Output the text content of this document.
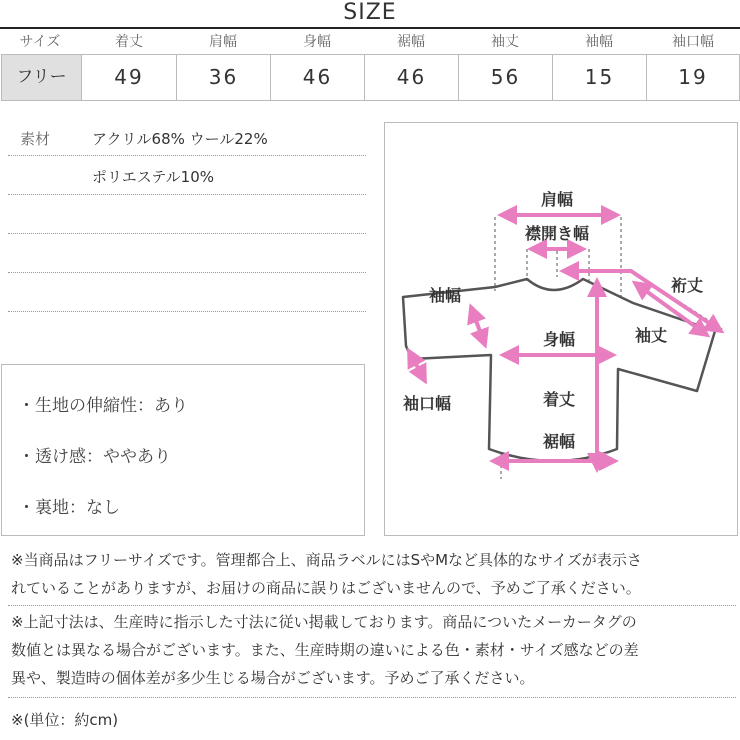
SIZE
サイズ	着丈	肩幅	身幅	裾幅	袖丈	袖幅	袖口幅
フリー	49	36	46	46	56	15	19
素材	アクリル68% ウール22%
ポリエステル10%
・生地の伸縮性：あり
・透け感：ややあり
・裏地：なし
肩幅
襟開き幅
袖幅
裄丈
袖丈
身幅
袖口幅	着丈
裾幅
※当商品はフリーサイズです。管理都合上、商品ラベルにはSやMなど具体的なサイズが表示さ
れていることがありますが、お届けの商品に誤りはございませんので、予めご了承ください。
※上記寸法は、生産時に指示した寸法に従い掲載しております。商品についたメーカータグの
数値とは異なる場合がございます。また、生産時期の違いによる色・素材・サイズ感などの差
異や、製造時の個体差が多少生じる場合がございます。予めご了承ください。
※(単位：約cm)
